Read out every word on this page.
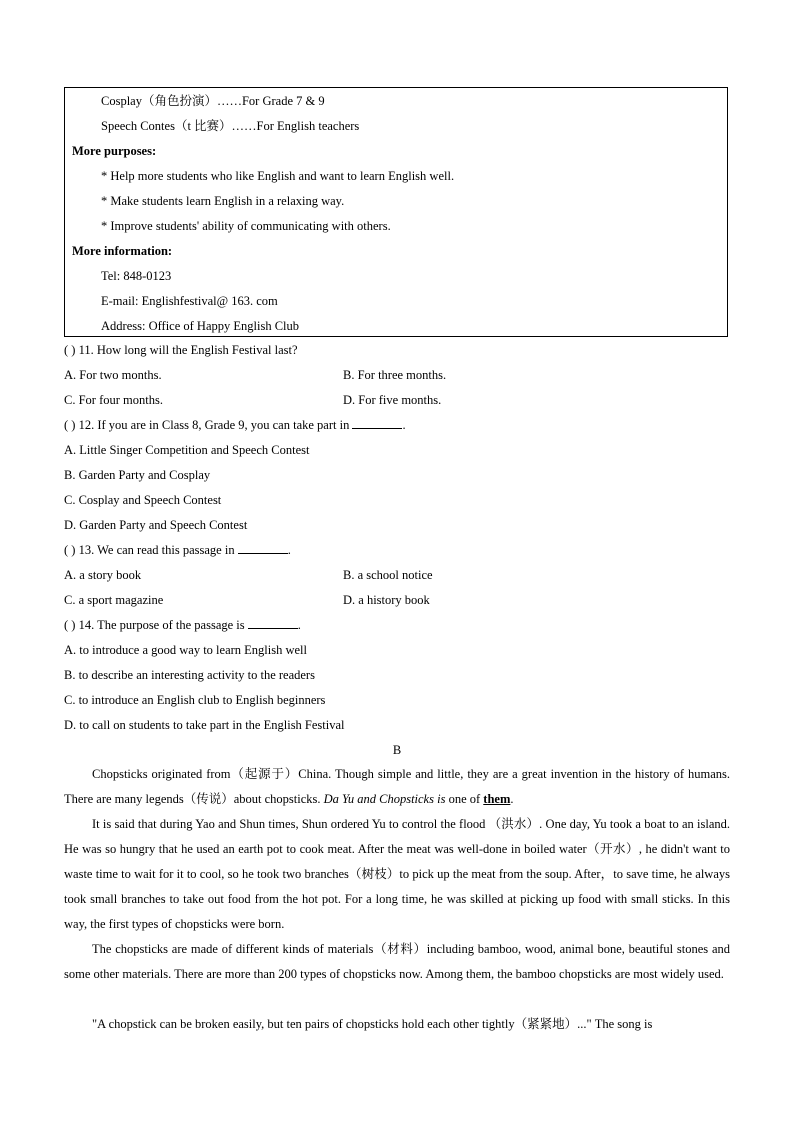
Cosplay（角色扮演）……For Grade 7 & 9
Speech Contes（t 比赛）……For English teachers
More purposes:
* Help more students who like English and want to learn English well.
* Make students learn English in a relaxing way.
* Improve students' ability of communicating with others.
More information:
Tel: 848-0123
E-mail: Englishfestival@ 163. com
Address: Office of Happy English Club
( ) 11. How long will the English Festival last?
A. For two months.	B. For three months.
C. For four months.	D. For five months.
( ) 12. If you are in Class 8, Grade 9, you can take part in	.
A. Little Singer Competition and Speech Contest
B. Garden Party and Cosplay
C. Cosplay and Speech Contest
D. Garden Party and Speech Contest
( ) 13. We can read this passage in	.
A. a story book	B. a school notice
C. a sport magazine	D. a history book
( ) 14. The purpose of the passage is	.
A. to introduce a good way to learn English well
B. to describe an interesting activity to the readers
C. to introduce an English club to English beginners
D. to call on students to take part in the English Festival
B
Chopsticks originated from（起源于）China. Though simple and little, they are a great invention in the history of humans. There are many legends（传说）about chopsticks. Da Yu and Chopsticks is one of them.
It is said that during Yao and Shun times, Shun ordered Yu to control the flood （洪水）. One day, Yu took a boat to an island. He was so hungry that he used an earth pot to cook meat. After the meat was well-done in boiled water（开水）, he didn't want to waste time to wait for it to cool, so he took two branches（树枝）to pick up the meat from the soup. After，to save time, he always took small branches to take out food from the hot pot. For a long time, he was skilled at picking up food with small sticks. In this way, the first types of chopsticks were born.
The chopsticks are made of different kinds of materials（材料）including bamboo, wood, animal bone, beautiful stones and some other materials. There are more than 200 types of chopsticks now. Among them, the bamboo chopsticks are most widely used.
"A chopstick can be broken easily, but ten pairs of chopsticks hold each other tightly（紧紧地）..." The song is
